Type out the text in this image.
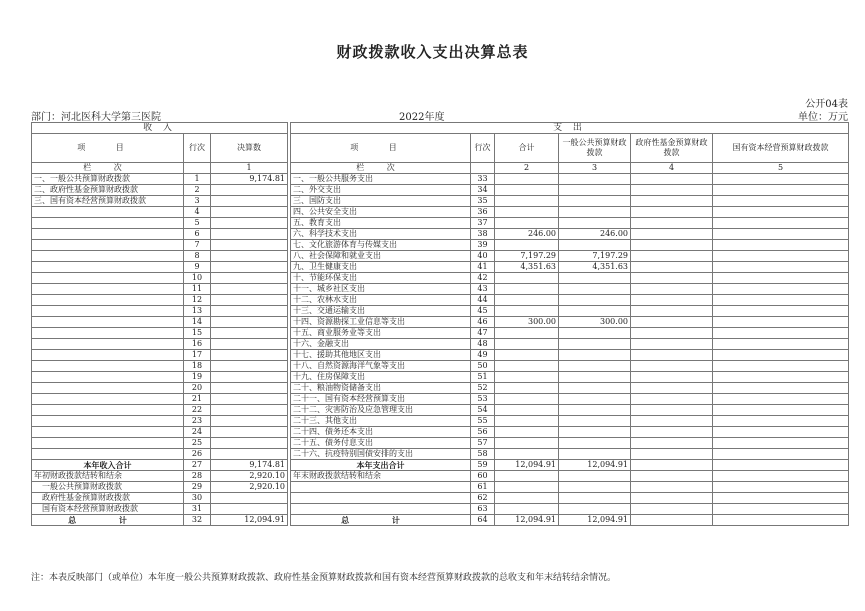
财政拨款收入支出决算总表
公开04表
部门：河北医科大学第三医院	2022年度	单位：万元
收 入				支 出					
项 目	行次	决算数		项 目	行次	合计	一般公共预算财政拨款	政府性基金预算财政拨款	国有资本经营预算财政拨款
栏 次		1		栏 次		2	3	4	5
一、一般公共预算财政拨款	1	9,174.81		一、一般公共服务支出	33				
二、政府性基金预算财政拨款	2			二、外交支出	34				
三、国有资本经营预算财政拨款	3			三、国防支出	35				
	4			四、公共安全支出	36				
	5			五、教育支出	37				
	6			六、科学技术支出	38	246.00	246.00		
	7			七、文化旅游体育与传媒支出	39				
	8			八、社会保障和就业支出	40	7,197.29	7,197.29		
	9			九、卫生健康支出	41	4,351.63	4,351.63		
	10			十、节能环保支出	42				
	11			十一、城乡社区支出	43				
	12			十二、农林水支出	44				
	13			十三、交通运输支出	45				
	14			十四、资源勘探工业信息等支出	46	300.00	300.00		
	15			十五、商业服务业等支出	47				
	16			十六、金融支出	48				
	17			十七、援助其他地区支出	49				
	18			十八、自然资源海洋气象等支出	50				
	19			十九、住房保障支出	51				
	20			二十、粮油物资储备支出	52				
	21			二十一、国有资本经营预算支出	53				
	22			二十二、灾害防治及应急管理支出	54				
	23			二十三、其他支出	55				
	24			二十四、债务还本支出	56				
	25			二十五、债务付息支出	57				
	26			二十六、抗疫特别国债安排的支出	58				
本年收入合计	27	9,174.81		本年支出合计	59	12,094.91	12,094.91		
年初财政拨款结转和结余	28	2,920.10		年末财政拨款结转和结余	60				
一般公共预算财政拨款	29	2,920.10			61				
政府性基金预算财政拨款	30				62				
国有资本经营预算财政拨款	31				63				
总 计	32	12,094.91		总 计	64	12,094.91	12,094.91		
注：本表反映部门（或单位）本年度一般公共预算财政拨款、政府性基金预算财政拨款和国有资本经营预算财政拨款的总收支和年末结转结余情况。
